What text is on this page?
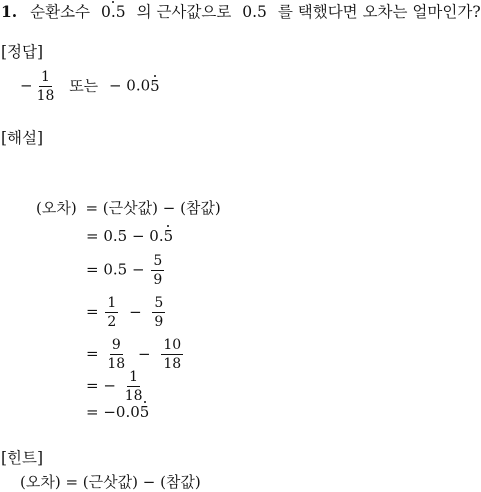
1. 순환소수 0.5 의 근사값으로 0.5 를 택했다면 오차는 얼마인가?
[정답]
− $\frac{1}{18}$ 또는 − 0.05
[해설]
(오차) = (근삿값) − (참값)
= 0.5 − 0.5
= $0.5 - \frac{5}{9}$
= $\frac{1}{2} - \frac{5}{9}$
= $\frac{9}{18} - \frac{10}{18}$
= − $\frac{1}{18}$
= −0.05
[힌트]
(오차) = (근삿값) − (참값)
